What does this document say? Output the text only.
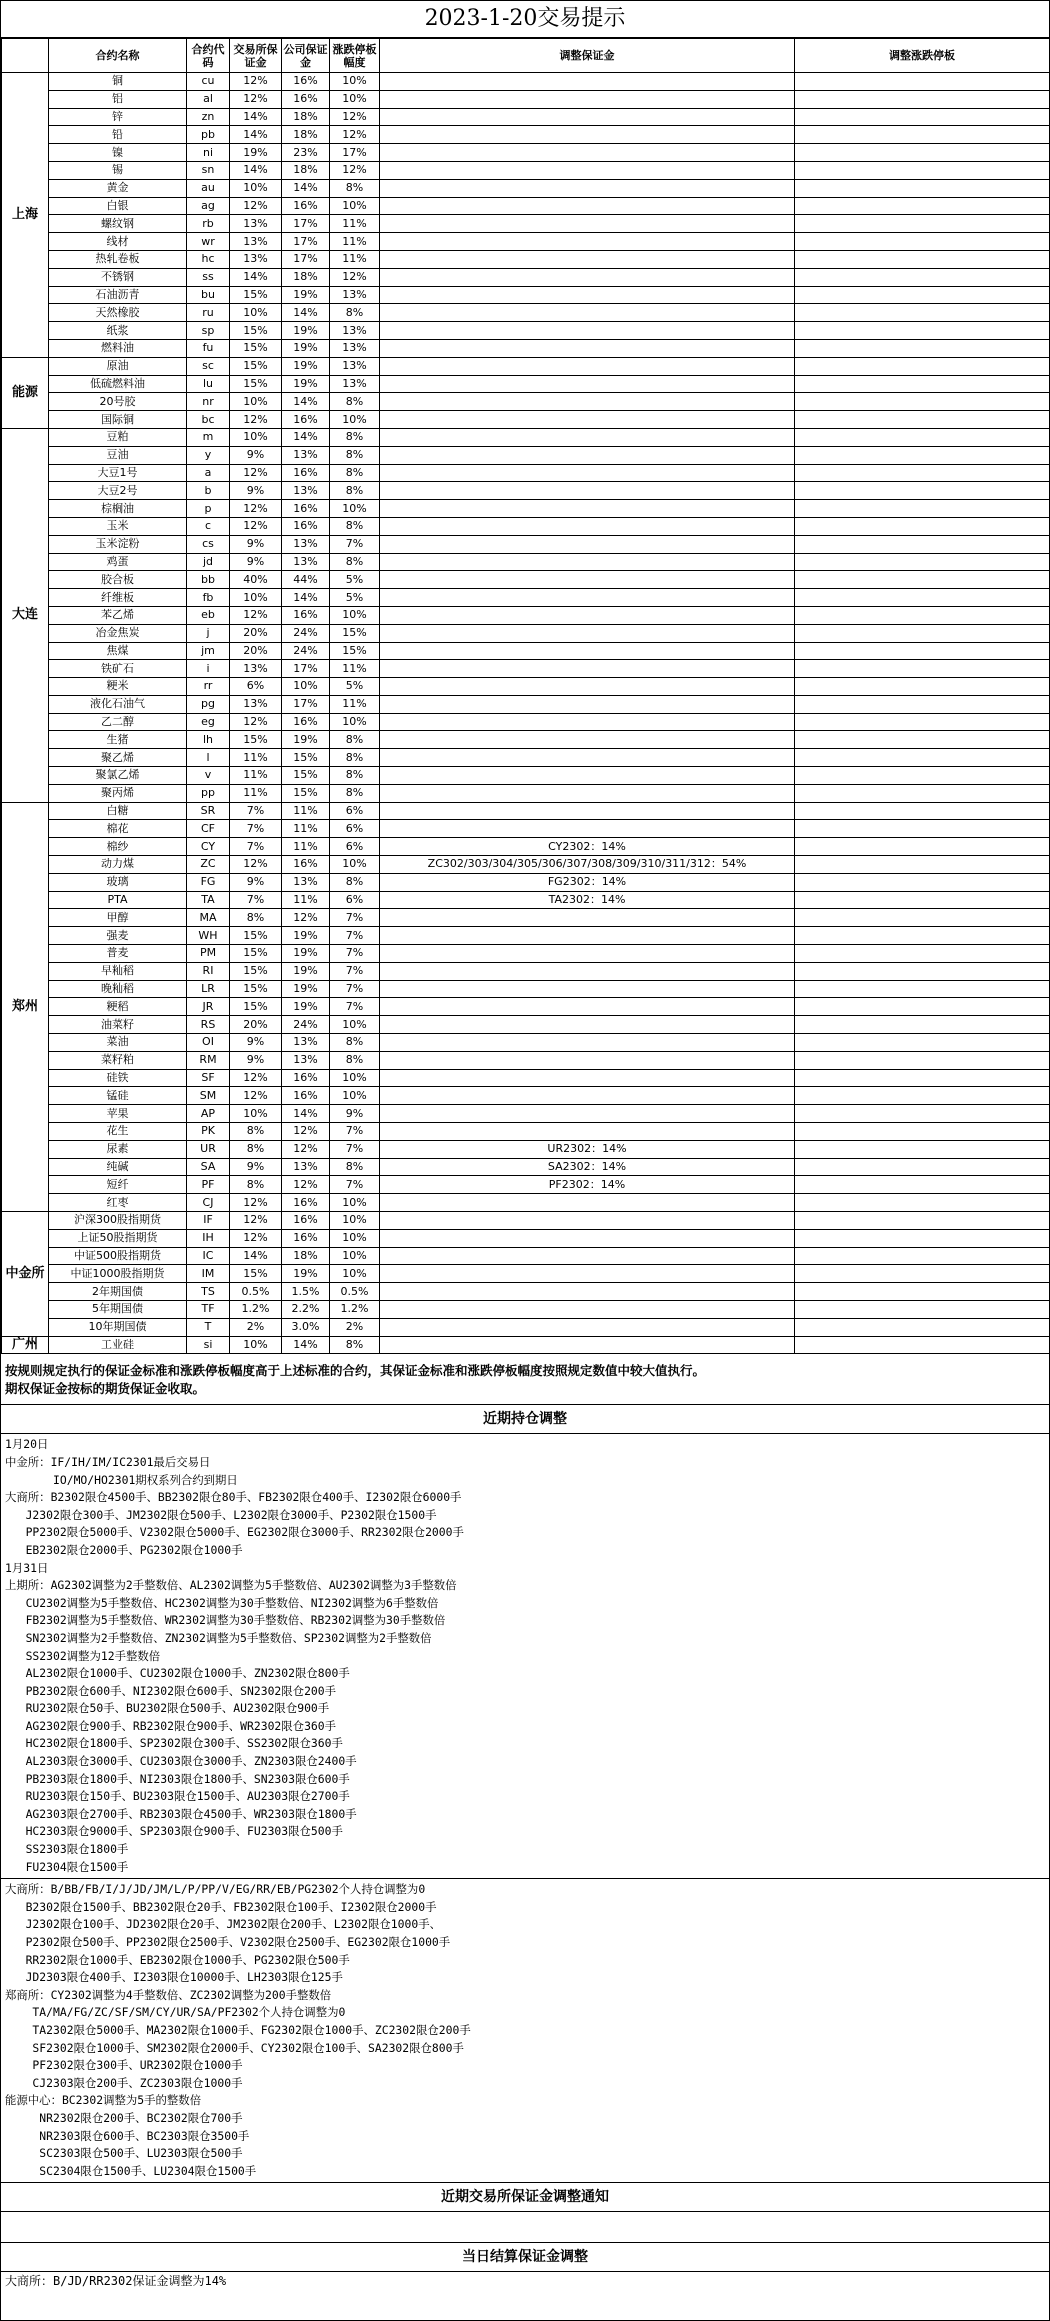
2023-1-20交易提示
	合约名称	合约代码	交易所保证金	公司保证金	涨跌停板幅度	调整保证金	调整涨跌停板
上海	铜	cu	12%	16%	10%		
	铝	al	12%	16%	10%		
	锌	zn	14%	18%	12%		
	铅	pb	14%	18%	12%		
	镍	ni	19%	23%	17%		
	锡	sn	14%	18%	12%		
	黄金	au	10%	14%	8%		
	白银	ag	12%	16%	10%		
	螺纹钢	rb	13%	17%	11%		
	线材	wr	13%	17%	11%		
	热轧卷板	hc	13%	17%	11%		
	不锈钢	ss	14%	18%	12%		
	石油沥青	bu	15%	19%	13%		
	天然橡胶	ru	10%	14%	8%		
	纸浆	sp	15%	19%	13%		
	燃料油	fu	15%	19%	13%		
能源	原油	sc	15%	19%	13%		
	低硫燃料油	lu	15%	19%	13%		
	20号胶	nr	10%	14%	8%		
	国际铜	bc	12%	16%	10%		
大连	豆粕	m	10%	14%	8%		
	豆油	y	9%	13%	8%		
	大豆1号	a	12%	16%	8%		
	大豆2号	b	9%	13%	8%		
	棕榈油	p	12%	16%	10%		
	玉米	c	12%	16%	8%		
	玉米淀粉	cs	9%	13%	7%		
	鸡蛋	jd	9%	13%	8%		
	胶合板	bb	40%	44%	5%		
	纤维板	fb	10%	14%	5%		
	苯乙烯	eb	12%	16%	10%		
	冶金焦炭	j	20%	24%	15%		
	焦煤	jm	20%	24%	15%		
	铁矿石	i	13%	17%	11%		
	粳米	rr	6%	10%	5%		
	液化石油气	pg	13%	17%	11%		
	乙二醇	eg	12%	16%	10%		
	生猪	lh	15%	19%	8%		
	聚乙烯	l	11%	15%	8%		
	聚氯乙烯	v	11%	15%	8%		
	聚丙烯	pp	11%	15%	8%		
郑州	白糖	SR	7%	11%	6%		
	棉花	CF	7%	11%	6%		
	棉纱	CY	7%	11%	6%	CY2302：14%	
	动力煤	ZC	12%	16%	10%	ZC302/303/304/305/306/307/308/309/310/311/312：54%	
	玻璃	FG	9%	13%	8%	FG2302：14%	
	PTA	TA	7%	11%	6%	TA2302：14%	
	甲醇	MA	8%	12%	7%		
	强麦	WH	15%	19%	7%		
	普麦	PM	15%	19%	7%		
	早籼稻	RI	15%	19%	7%		
	晚籼稻	LR	15%	19%	7%		
	粳稻	JR	15%	19%	7%		
	油菜籽	RS	20%	24%	10%		
	菜油	OI	9%	13%	8%		
	菜籽粕	RM	9%	13%	8%		
	硅铁	SF	12%	16%	10%		
	锰硅	SM	12%	16%	10%		
	苹果	AP	10%	14%	9%		
	花生	PK	8%	12%	7%		
	尿素	UR	8%	12%	7%	UR2302：14%	
	纯碱	SA	9%	13%	8%	SA2302：14%	
	短纤	PF	8%	12%	7%	PF2302：14%	
	红枣	CJ	12%	16%	10%		
中金所	沪深300股指期货	IF	12%	16%	10%		
	上证50股指期货	IH	12%	16%	10%		
	中证500股指期货	IC	14%	18%	10%		
	中证1000股指期货	IM	15%	19%	10%		
	2年期国债	TS	0.5%	1.5%	0.5%		
	5年期国债	TF	1.2%	2.2%	1.2%		
	10年期国债	T	2%	3.0%	2%		
广州	工业硅	si	10%	14%	8%		
按规则规定执行的保证金标准和涨跌停板幅度高于上述标准的合约，其保证金标准和涨跌停板幅度按照规定数值中较大值执行。
期权保证金按标的期货保证金收取。
近期持仓调整
1月20日
中金所：IF/IH/IM/IC2301最后交易日
IO/MO/HO2301期权系列合约到期日
大商所：B2302限仓4500手、BB2302限仓80手、FB2302限仓400手、I2302限仓6000手
J2302限仓300手、JM2302限仓500手、L2302限仓3000手、P2302限仓1500手
PP2302限仓5000手、V2302限仓5000手、EG2302限仓3000手、RR2302限仓2000手
EB2302限仓2000手、PG2302限仓1000手
1月31日
上期所：AG2302调整为2手整数倍、AL2302调整为5手整数倍、AU2302调整为3手整数倍
CU2302调整为5手整数倍、HC2302调整为30手整数倍、NI2302调整为6手整数倍
FB2302调整为5手整数倍、WR2302调整为30手整数倍、RB2302调整为30手整数倍
SN2302调整为2手整数倍、ZN2302调整为5手整数倍、SP2302调整为2手整数倍
SS2302调整为12手整数倍
AL2302限仓1000手、CU2302限仓1000手、ZN2302限仓800手
PB2302限仓600手、NI2302限仓600手、SN2302限仓200手
RU2302限仓50手、BU2302限仓500手、AU2302限仓900手
AG2302限仓900手、RB2302限仓900手、WR2302限仓360手
HC2302限仓1800手、SP2302限仓300手、SS2302限仓360手
AL2303限仓3000手、CU2303限仓3000手、ZN2303限仓2400手
PB2303限仓1800手、NI2303限仓1800手、SN2303限仓600手
RU2303限仓150手、BU2303限仓1500手、AU2303限仓2700手
AG2303限仓2700手、RB2303限仓4500手、WR2303限仓1800手
HC2303限仓9000手、SP2303限仓900手、FU2303限仓500手
SS2303限仓1800手
FU2304限仓1500手
大商所：B/BB/FB/I/J/JD/JM/L/P/PP/V/EG/RR/EB/PG2302个人持仓调整为0
B2302限仓1500手、BB2302限仓20手、FB2302限仓100手、I2302限仓2000手
J2302限仓100手、JD2302限仓20手、JM2302限仓200手、L2302限仓1000手、
P2302限仓500手、PP2302限仓2500手、V2302限仓2500手、EG2302限仓1000手
RR2302限仓1000手、EB2302限仓1000手、PG2302限仓500手
JD2303限仓400手、I2303限仓10000手、LH2303限仓125手
郑商所：CY2302调整为4手整数倍、ZC2302调整为200手整数倍
TA/MA/FG/ZC/SF/SM/CY/UR/SA/PF2302个人持仓调整为0
TA2302限仓5000手、MA2302限仓1000手、FG2302限仓1000手、ZC2302限仓200手
SF2302限仓1000手、SM2302限仓2000手、CY2302限仓100手、SA2302限仓800手
PF2302限仓300手、UR2302限仓1000手
CJ2303限仓200手、ZC2303限仓1000手
能源中心：BC2302调整为5手的整数倍
NR2302限仓200手、BC2302限仓700手
NR2303限仓600手、BC2303限仓3500手
SC2303限仓500手、LU2303限仓500手
SC2304限仓1500手、LU2304限仓1500手
近期交易所保证金调整通知
当日结算保证金调整
大商所：B/JD/RR2302保证金调整为14%
